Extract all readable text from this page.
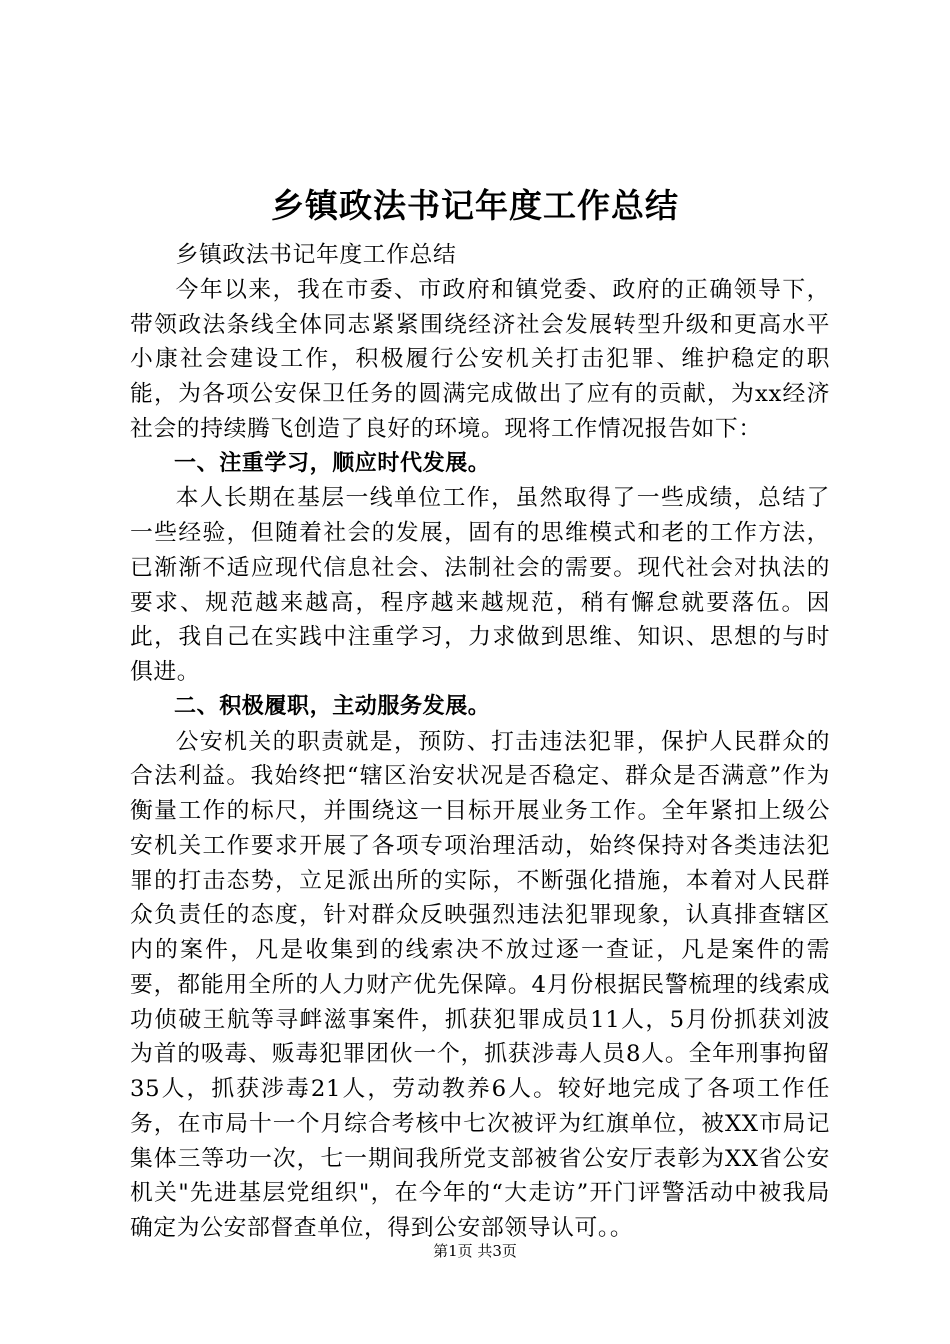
乡镇政法书记年度工作总结

乡镇政法书记年度工作总结

今年以来，我在市委、市政府和镇党委、政府的正确领导下，带领政法条线全体同志紧紧围绕经济社会发展转型升级和更高水平小康社会建设工作，积极履行公安机关打击犯罪、维护稳定的职能，为各项公安保卫任务的圆满完成做出了应有的贡献，为xx经济社会的持续腾飞创造了良好的环境。现将工作情况报告如下：

一、注重学习，顺应时代发展。

本人长期在基层一线单位工作，虽然取得了一些成绩，总结了一些经验，但随着社会的发展，固有的思维模式和老的工作方法，已渐渐不适应现代信息社会、法制社会的需要。现代社会对执法的要求、规范越来越高，程序越来越规范，稍有懈怠就要落伍。因此，我自己在实践中注重学习，力求做到思维、知识、思想的与时俱进。

二、积极履职，主动服务发展。

公安机关的职责就是，预防、打击违法犯罪，保护人民群众的合法利益。我始终把“辖区治安状况是否稳定、群众是否满意”作为衡量工作的标尺，并围绕这一目标开展业务工作。全年紧扣上级公安机关工作要求开展了各项专项治理活动，始终保持对各类违法犯罪的打击态势，立足派出所的实际，不断强化措施，本着对人民群众负责任的态度，针对群众反映强烈违法犯罪现象，认真排查辖区内的案件，凡是收集到的线索决不放过逐一查证，凡是案件的需要，都能用全所的人力财产优先保障。4月份根据民警梳理的线索成功侦破王航等寻衅滋事案件，抓获犯罪成员11人，5月份抓获刘波为首的吸毒、贩毒犯罪团伙一个，抓获涉毒人员8人。全年刑事拘留35人，抓获涉毒21人，劳动教养6人。较好地完成了各项工作任务，在市局十一个月综合考核中七次被评为红旗单位，被XX市局记集体三等功一次，七一期间我所党支部被省公安厅表彰为XX省公安机关"先进基层党组织"，在今年的“大走访”开门评警活动中被我局确定为公安部督查单位，得到公安部领导认可。。

第1页 共3页
